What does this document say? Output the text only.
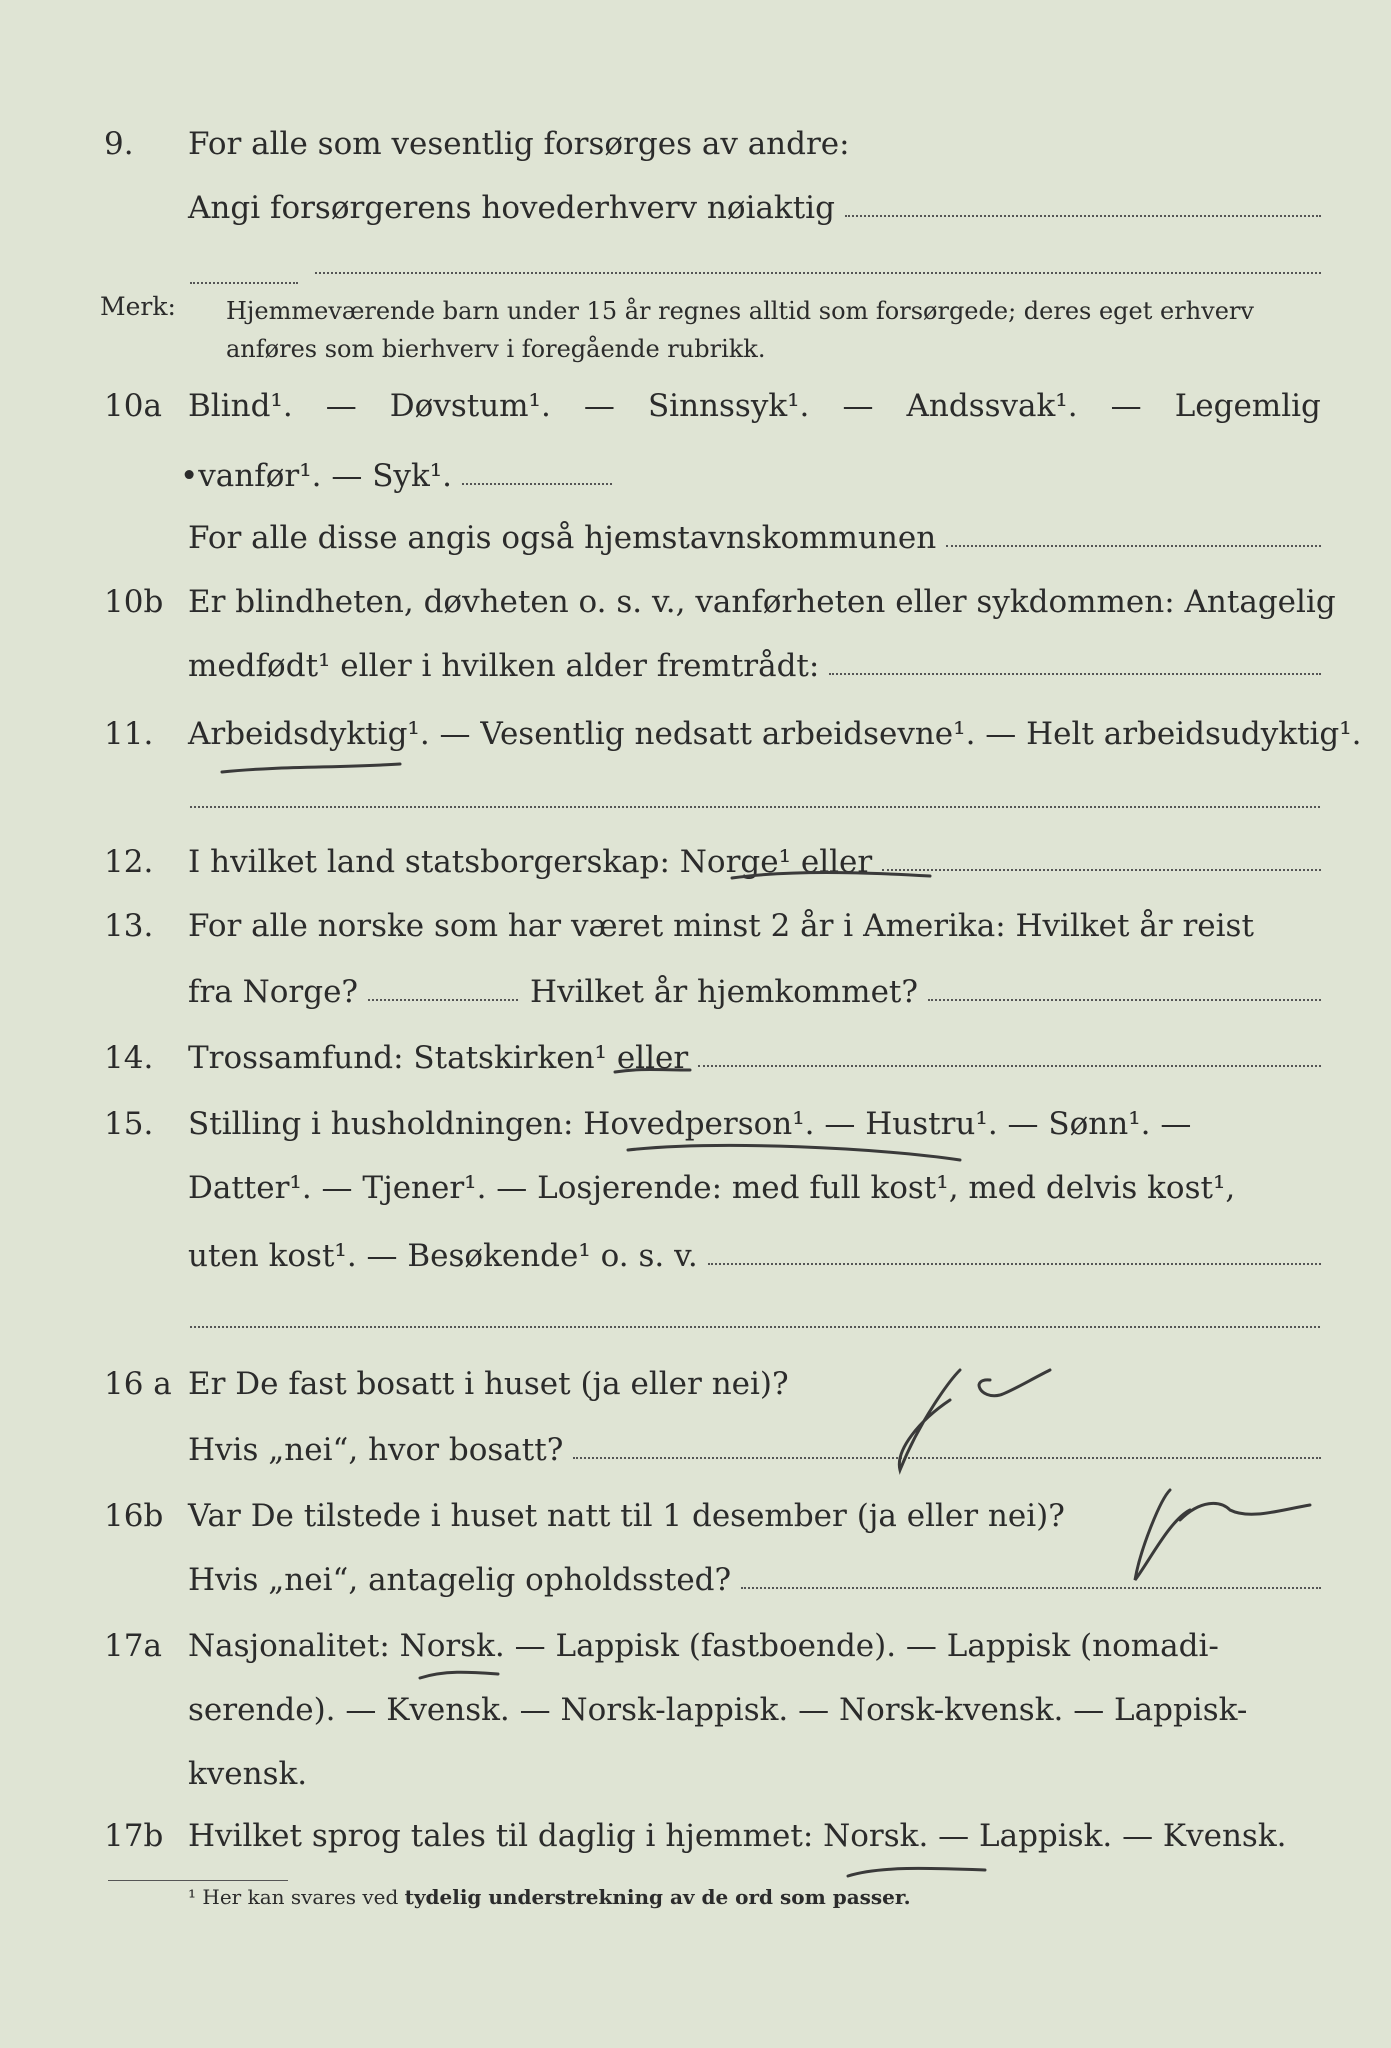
9. For alle som vesentlig forsørges av andre:
Angi forsørgerens hovederhverv nøiaktig
Merk: Hjemmeværende barn under 15 år regnes alltid som forsørgede; deres eget erhverv anføres som bierhverv i foregående rubrikk.
10a Blind¹. — Døvstum¹. — Sinnssyk¹. — Andssvak¹. — Legemlig
•vanfør¹. — Syk¹.
For alle disse angis også hjemstavnskommunen
10b Er blindheten, døvheten o. s. v., vanførheten eller sykdommen: Antagelig
medfødt¹ eller i hvilken alder fremtrådt:
11. Arbeidsdyktig¹. — Vesentlig nedsatt arbeidsevne¹. — Helt arbeidsudyktig¹.
12. I hvilket land statsborgerskap: Norge¹ eller
13. For alle norske som har været minst 2 år i Amerika: Hvilket år reist
fra Norge?	Hvilket år hjemkommet?
14. Trossamfund: Statskirken¹ eller
15. Stilling i husholdningen: Hovedperson¹. — Hustru¹. — Sønn¹. —
Datter¹. — Tjener¹. — Losjerende: med full kost¹, med delvis kost¹,
uten kost¹. — Besøkende¹ o. s. v.
16 a Er De fast bosatt i huset (ja eller nei)?
Hvis „nei“, hvor bosatt?
16b Var De tilstede i huset natt til 1 desember (ja eller nei)?
Hvis „nei“, antagelig opholdssted?
17a Nasjonalitet: Norsk. — Lappisk (fastboende). — Lappisk (nomadi-
serende). — Kvensk. — Norsk-lappisk. — Norsk-kvensk. — Lappisk-
kvensk.
17b Hvilket sprog tales til daglig i hjemmet: Norsk. — Lappisk. — Kvensk.
¹ Her kan svares ved tydelig understrekning av de ord som passer.
